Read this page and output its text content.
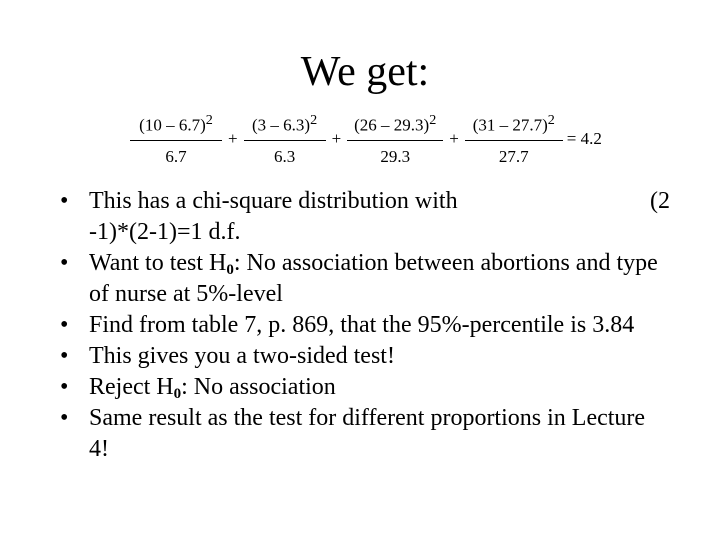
We get:
$\frac{(10 - 6.7)^2}{6.7} + \frac{(3 - 6.3)^2}{6.3} + \frac{(26 - 29.3)^2}{29.3} + \frac{(31 - 27.7)^2}{27.7} = 4.2$
• This has a chi-square distribution with	(2
-1)*(2-1)=1 d.f.
• Want to test $H_0$: No association between abortions and type of nurse at 5%-level
• Find from table 7, p. 869, that the 95%-percentile is 3.84
• This gives you a two-sided test!
• Reject $H_0$: No association
• Same result as the test for different proportions in Lecture 4!
